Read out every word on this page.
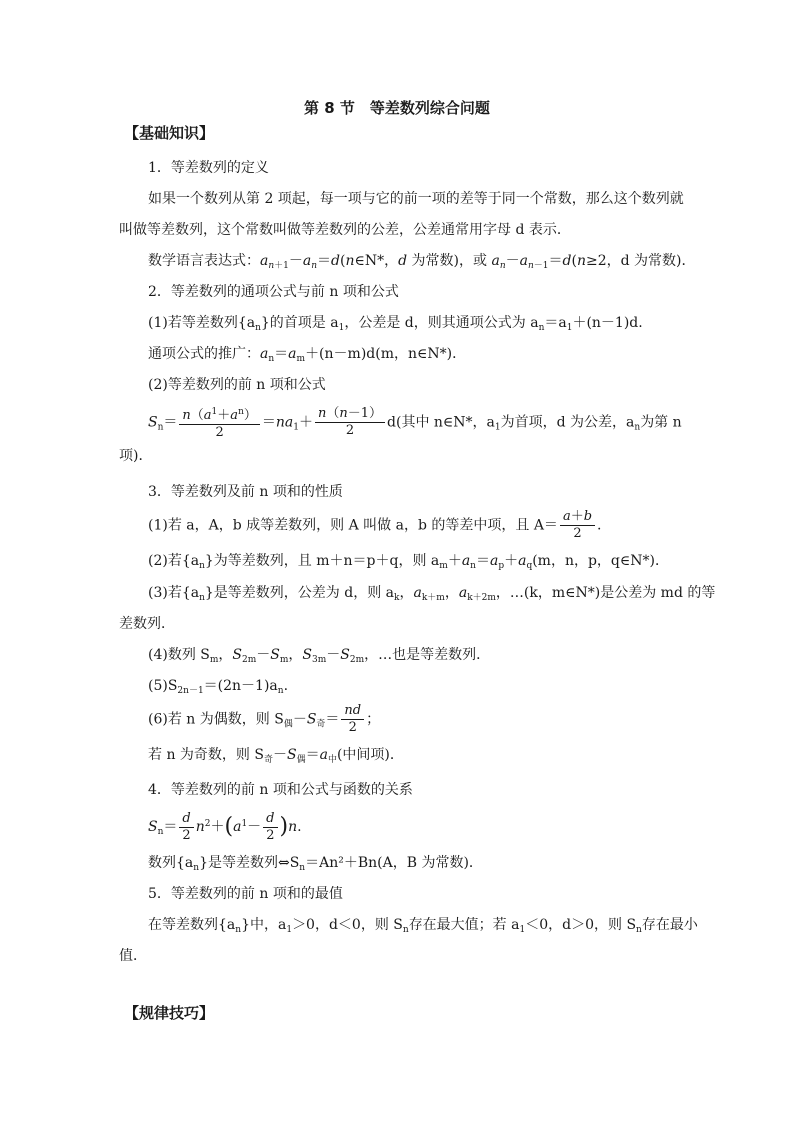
第 8 节　等差数列综合问题
【基础知识】
1．等差数列的定义
如果一个数列从第 2 项起，每一项与它的前一项的差等于同一个常数，那么这个数列就
叫做等差数列，这个常数叫做等差数列的公差，公差通常用字母 d 表示．
数学语言表达式：$a_{n+1}-a_n=d(n\in N*$，d 为常数)，或 $a_n-a_{n-1}=d(n\ge 2$，d 为常数)．
2．等差数列的通项公式与前 n 项和公式
(1)若等差数列$\{a_n\}$的首项是 $a_1$，公差是 d，则其通项公式为 $a_n=a_1+(n-1)d$.
通项公式的推广：$a_n=a_m+(n-m)d(m$，n∈N*)．
(2)等差数列的前 n 项和公式
$S_n= \frac{n(a^1+a^n)}{2} =na_1+ \frac{n(n-1)}{2} d$(其中 n∈N*，$a_1$为首项，d 为公差，$a_n$为第 n
项)．
3．等差数列及前 n 项和的性质
(1)若 a，A，b 成等差数列，则 A 叫做 a，b 的等差中项，且 $A= \frac{a+b}{2}$ .
(2)若$\{a_n\}$为等差数列，且 m＋n＝p＋q，则 $a_m+a_n=a_p+a_q(m$，n，p，q∈N*)．
(3)若$\{a_n\}$是等差数列，公差为 d，则 $a_k$，$a_{k+m}$，$a_{k+2m}$，…(k，m∈N*)是公差为 md 的等
差数列．
(4)数列 $S_m$，$S_{2m}-S_m$，$S_{3m}-S_{2m}$，…也是等差数列．
$(5)S_{2n-1}=(2n-1)a_n$.
(6)若 n 为偶数，则 $S_偶-S_奇= \frac{nd}{2}$ ；
若 n 为奇数，则 $S_奇-S_偶=a_中$(中间项)．
4．等差数列的前 n 项和公式与函数的关系
$S_n= \frac{d}{2} n^2+(a^1- \frac{d}{2} )n$.
数列$\{a_n\}$是等差数列$\Leftrightarrow S_n=An^2+Bn(A$，B 为常数)．
5．等差数列的前 n 项和的最值
在等差数列$\{a_n\}$中，$a_1>0$，d＜0，则 $S_n$存在最大值；若 $a_1<0$，d＞0，则 $S_n$存在最小
值．
【规律技巧】
